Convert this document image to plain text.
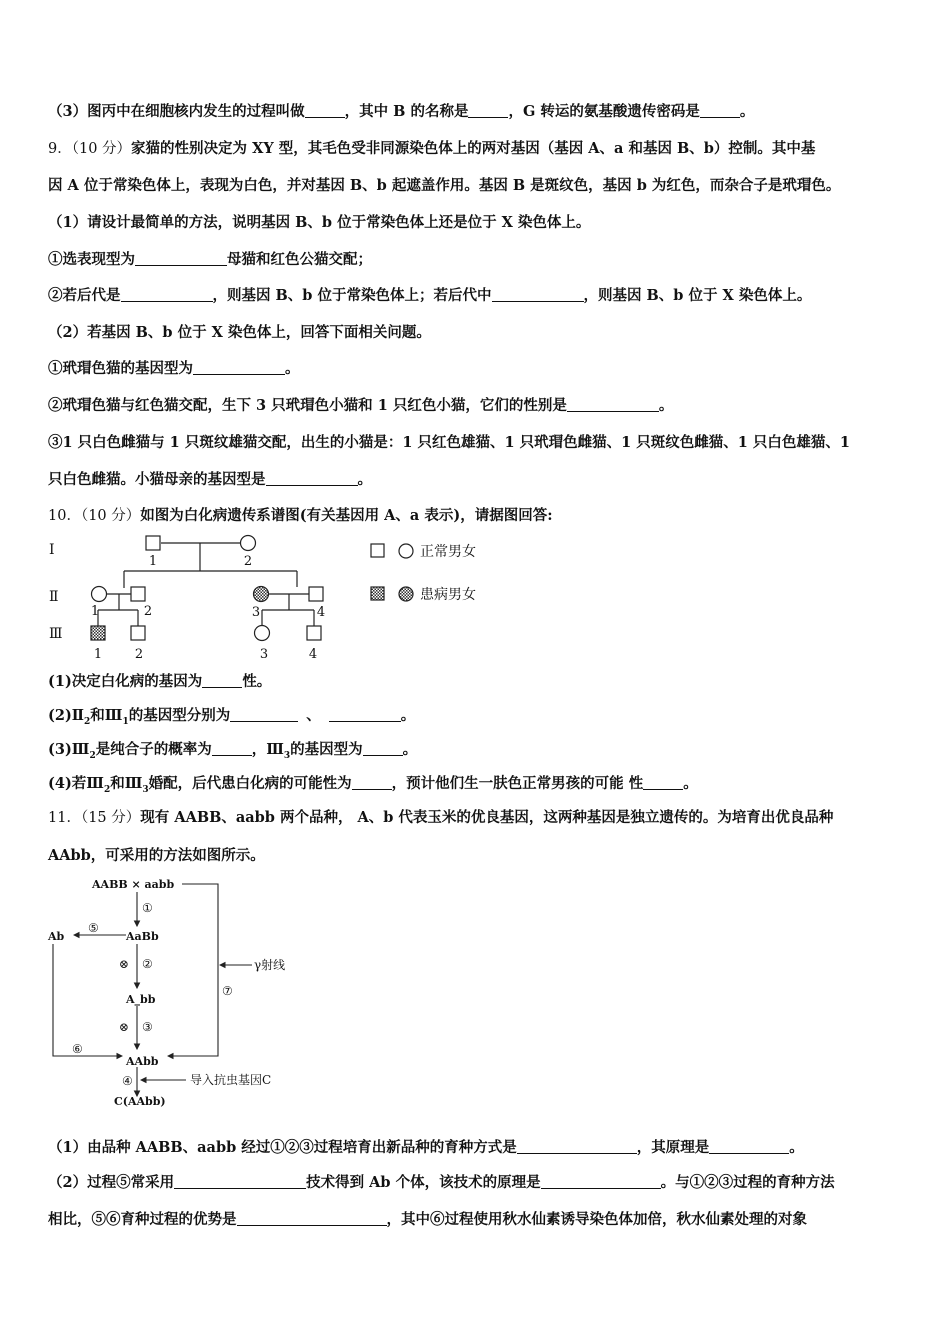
（3）图丙中在细胞核内发生的过程叫做	，其中 B 的名称是	，G 转运的氨基酸遗传密码是	。
9．（10 分）家猫的性别决定为 XY 型，其毛色受非同源染色体上的两对基因（基因 A、a 和基因 B、b）控制。其中基
因 A 位于常染色体上，表现为白色，并对基因 B、b 起遮盖作用。基因 B 是斑纹色，基因 b 为红色，而杂合子是玳瑁色。
（1）请设计最简单的方法，说明基因 B、b 位于常染色体上还是位于 X 染色体上。
①选表现型为	母猫和红色公猫交配；
②若后代是	，则基因 B、b 位于常染色体上；若后代中	，则基因 B、b 位于 X 染色体上。
（2）若基因 B、b 位于 X 染色体上，回答下面相关问题。
①玳瑁色猫的基因型为	。
②玳瑁色猫与红色猫交配，生下 3 只玳瑁色小猫和 1 只红色小猫，它们的性别是	。
③1 只白色雌猫与 1 只斑纹雄猫交配，出生的小猫是：1 只红色雄猫、1 只玳瑁色雌猫、1 只斑纹色雌猫、1 只白色雄猫、1
只白色雌猫。小猫母亲的基因型是	。
10．（10 分）如图为白化病遗传系谱图(有关基因用 A、a 表示)，请据图回答:
Ⅰ
Ⅱ
Ⅲ
1	2
1	2	3	4
1	2	3	4
正常男女
患病男女
(1)决定白化病的基因为	性。
$(2)Ⅱ_2$和$Ⅲ_1$的基因型分别为	、	。
$(3)Ⅲ_2$是纯合子的概率为	，$Ⅲ_3$的基因型为	。
(4)若$Ⅲ_2$和$Ⅲ_3$婚配，后代患白化病的可能性为	，预计他们生一肤色正常男孩的可能 性	。
11．（15 分）现有 AABB、aabb 两个品种， A、b 代表玉米的优良基因，这两种基因是独立遗传的。为培育出优良品种
AAbb，可采用的方法如图所示。
AABB × aabb
AaBb
A_bb
AAbb
Ab
C(AAbb)
①
⑤
⊗ ②
⊗ ③
⑦
⑥
④
γ射线
导入抗虫基因C
（1）由品种 AABB、aabb 经过①②③过程培育出新品种的育种方式是	，其原理是	。
（2）过程⑤常采用	技术得到 Ab 个体，该技术的原理是	。与①②③过程的育种方法
相比，⑤⑥育种过程的优势是	，其中⑥过程使用秋水仙素诱导染色体加倍，秋水仙素处理的对象
